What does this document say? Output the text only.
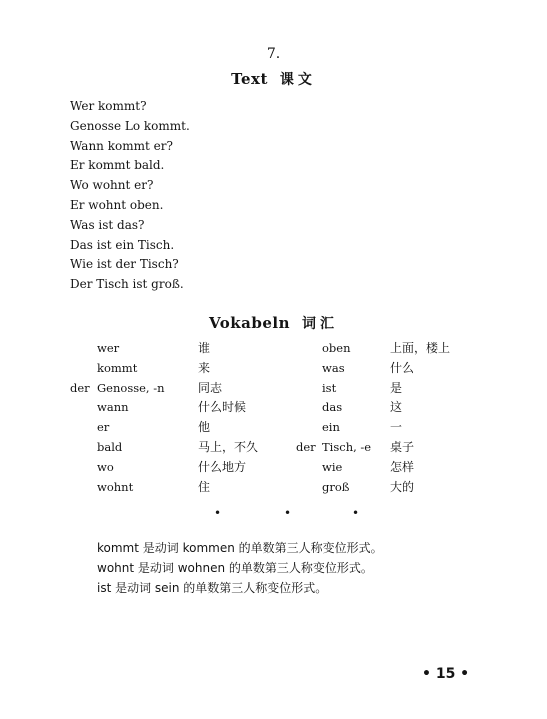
7.
Text 课文
Wer kommt?
Genosse Lo kommt.
Wann kommt er?
Er kommt bald.
Wo wohnt er?
Er wohnt oben.
Was ist das?
Das ist ein Tisch.
Wie ist der Tisch?
Der Tisch ist groß.
Vokabeln 词汇
wer	谁	oben	上面，楼上
kommt	来	was	什么
der Genosse, -n	同志	ist	是
wann	什么时候	das	这
er	他	ein	一
bald	马上，不久	der Tisch, -e 桌子
wo	什么地方	wie	怎样
wohnt	住	groß	大的
•	•	•
kommt 是动词 kommen 的单数第三人称变位形式。
wohnt 是动词 wohnen 的单数第三人称变位形式。
ist 是动词 sein 的单数第三人称变位形式。
• 15 •
